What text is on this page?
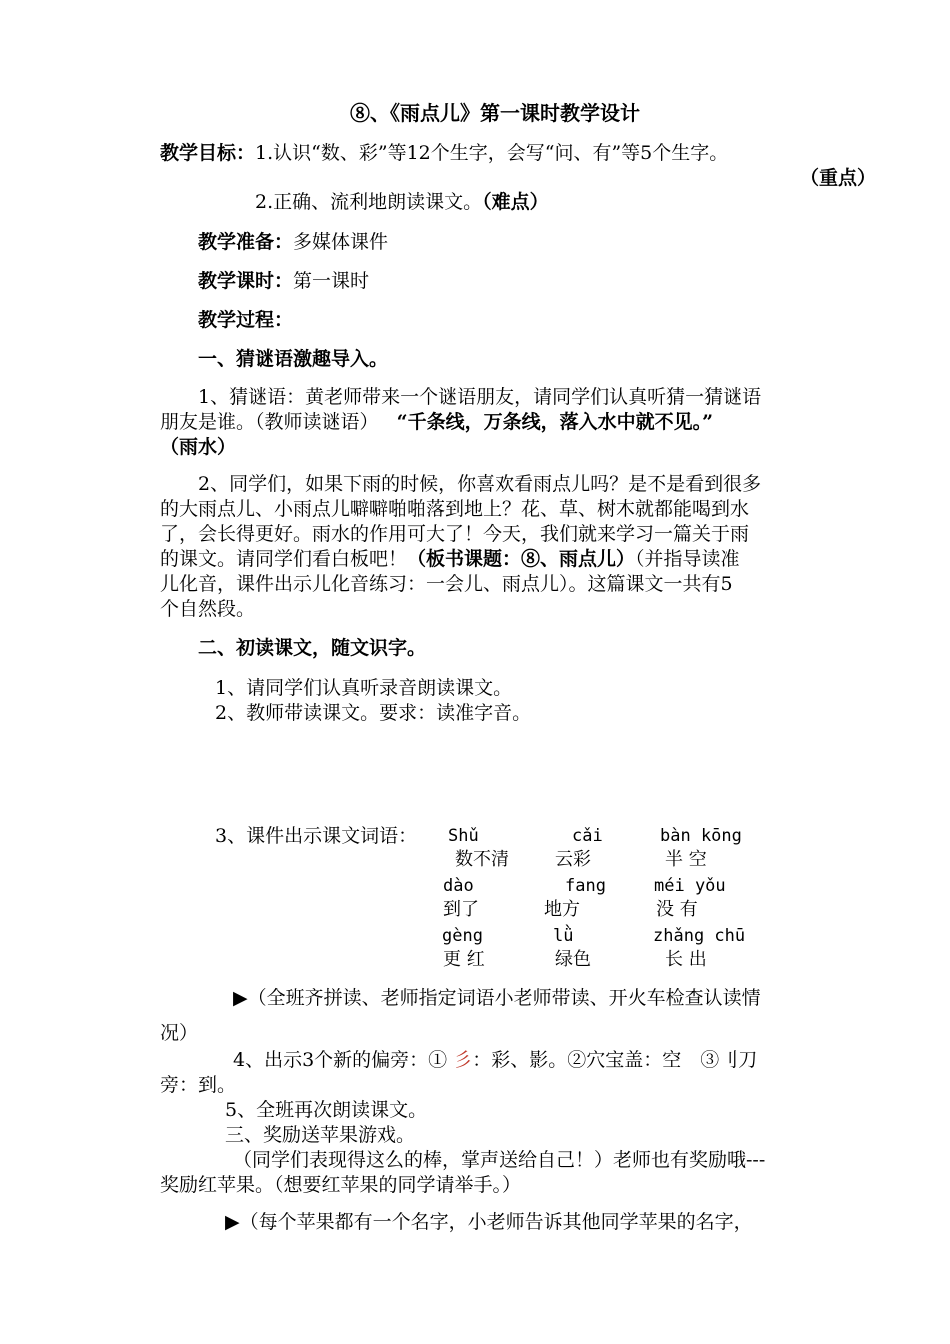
⑧、《雨点儿》第一课时教学设计
教学目标：1.认识“数、彩”等12个生字，会写“问、有”等5个生字。
（重点）
2.正确、流利地朗读课文。（难点）
教学准备：多媒体课件
教学课时：第一课时
教学过程：
一、猜谜语激趣导入。
1、猜谜语：黄老师带来一个谜语朋友，请同学们认真听猜一猜谜语
朋友是谁。（教师读谜语） “千条线，万条线，落入水中就不见。”
（雨水）
2、同学们，如果下雨的时候，你喜欢看雨点儿吗？是不是看到很多
的大雨点儿、小雨点儿噼噼啪啪落到地上？花、草、树木就都能喝到水
了，会长得更好。雨水的作用可大了！今天，我们就来学习一篇关于雨
的课文。请同学们看白板吧！（板书课题：⑧、雨点儿）（并指导读准
儿化音，课件出示儿化音练习：一会儿、雨点儿）。这篇课文一共有5
个自然段。
二、初读课文，随文识字。
1、请同学们认真听录音朗读课文。
2、教师带读课文。要求：读准字音。
3、课件出示课文词语： Shǔ	cǎi	bàn kōng
数不清	云彩	半 空
dào	fang	méi yǒu
到了	地方	没 有
gèng	lǜ	zhǎng chū
更 红	绿色	长 出
▶（全班齐拼读、老师指定词语小老师带读、开火车检查认读情
况）
4、出示3个新的偏旁：① 彡：彩、影。②穴宝盖：空　③刂刀
旁：到。
5、全班再次朗读课文。
三、奖励送苹果游戏。
（同学们表现得这么的棒，掌声送给自己！）老师也有奖励哦---
奖励红苹果。（想要红苹果的同学请举手。）
▶（每个苹果都有一个名字，小老师告诉其他同学苹果的名字，
